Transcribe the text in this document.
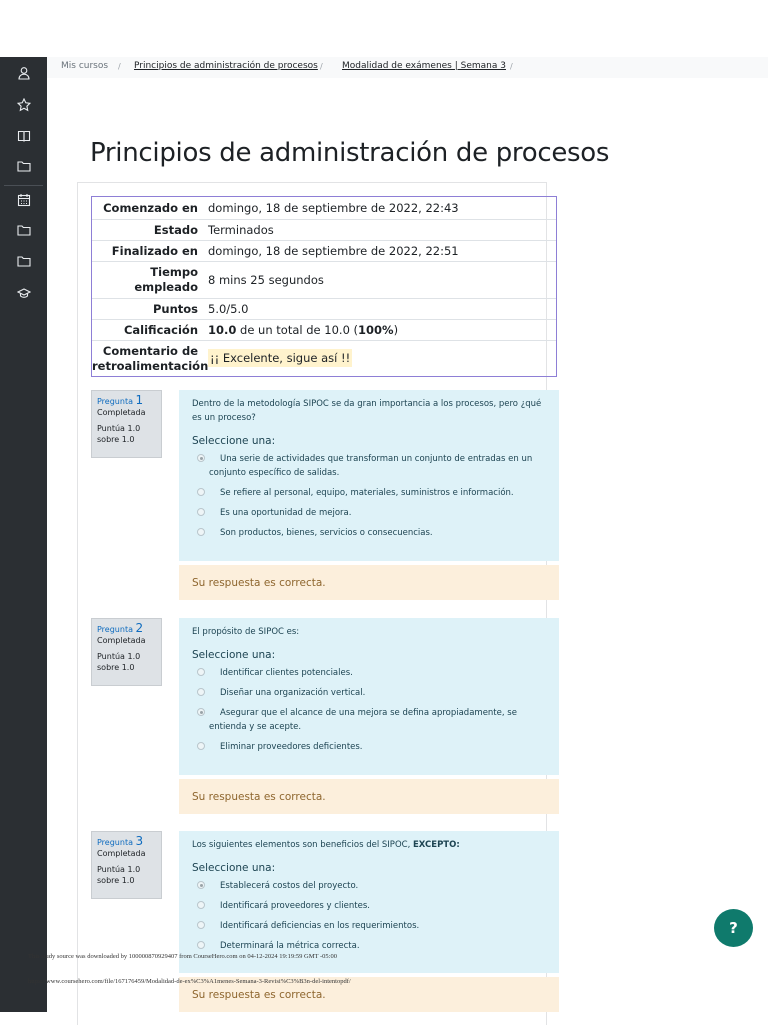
Mis cursos / Principios de administración de procesos / Modalidad de exámenes | Semana 3 /
Principios de administración de procesos
Comenzado en domingo, 18 de septiembre de 2022, 22:43
Estado Terminados
Finalizado en domingo, 18 de septiembre de 2022, 22:51
Tiempo empleado 8 mins 25 segundos
Puntos 5.0/5.0
Calificación 10.0 de un total de 10.0 (100%)
Comentario de retroalimentación
¡¡ Excelente, sigue así !!
Pregunta 1
Completada
Puntúa 1.0 sobre 1.0

Dentro de la metodología SIPOC se da gran importancia a los procesos, pero ¿qué es un proceso?

Seleccione una:

Una serie de actividades que transforman un conjunto de entradas en un conjunto específico de salidas.
Se refiere al personal, equipo, materiales, suministros e información.
Es una oportunidad de mejora.
Son productos, bienes, servicios o consecuencias.
Su respuesta es correcta.
Pregunta 2
Completada
Puntúa 1.0 sobre 1.0

El propósito de SIPOC es:

Seleccione una:

Identificar clientes potenciales.
Diseñar una organización vertical.
Asegurar que el alcance de una mejora se defina apropiadamente, se entienda y se acepte.
Eliminar proveedores deficientes.
Su respuesta es correcta.
Pregunta 3
Completada
Puntúa 1.0 sobre 1.0

Los siguientes elementos son beneficios del SIPOC, EXCEPTO:

Seleccione una:

Establecerá costos del proyecto.
Identificará proveedores y clientes.
Identificará deficiencias en los requerimientos.
Determinará la métrica correcta.
Su respuesta es correcta.
?
This study source was downloaded by 100000870929407 from CourseHero.com on 04-12-2024 19:19:59 GMT -05:00
https://www.coursehero.com/file/167176459/Modalidad-de-ex%C3%A1menes-Semana-3-Revisi%C3%B3n-del-intentopdf/
